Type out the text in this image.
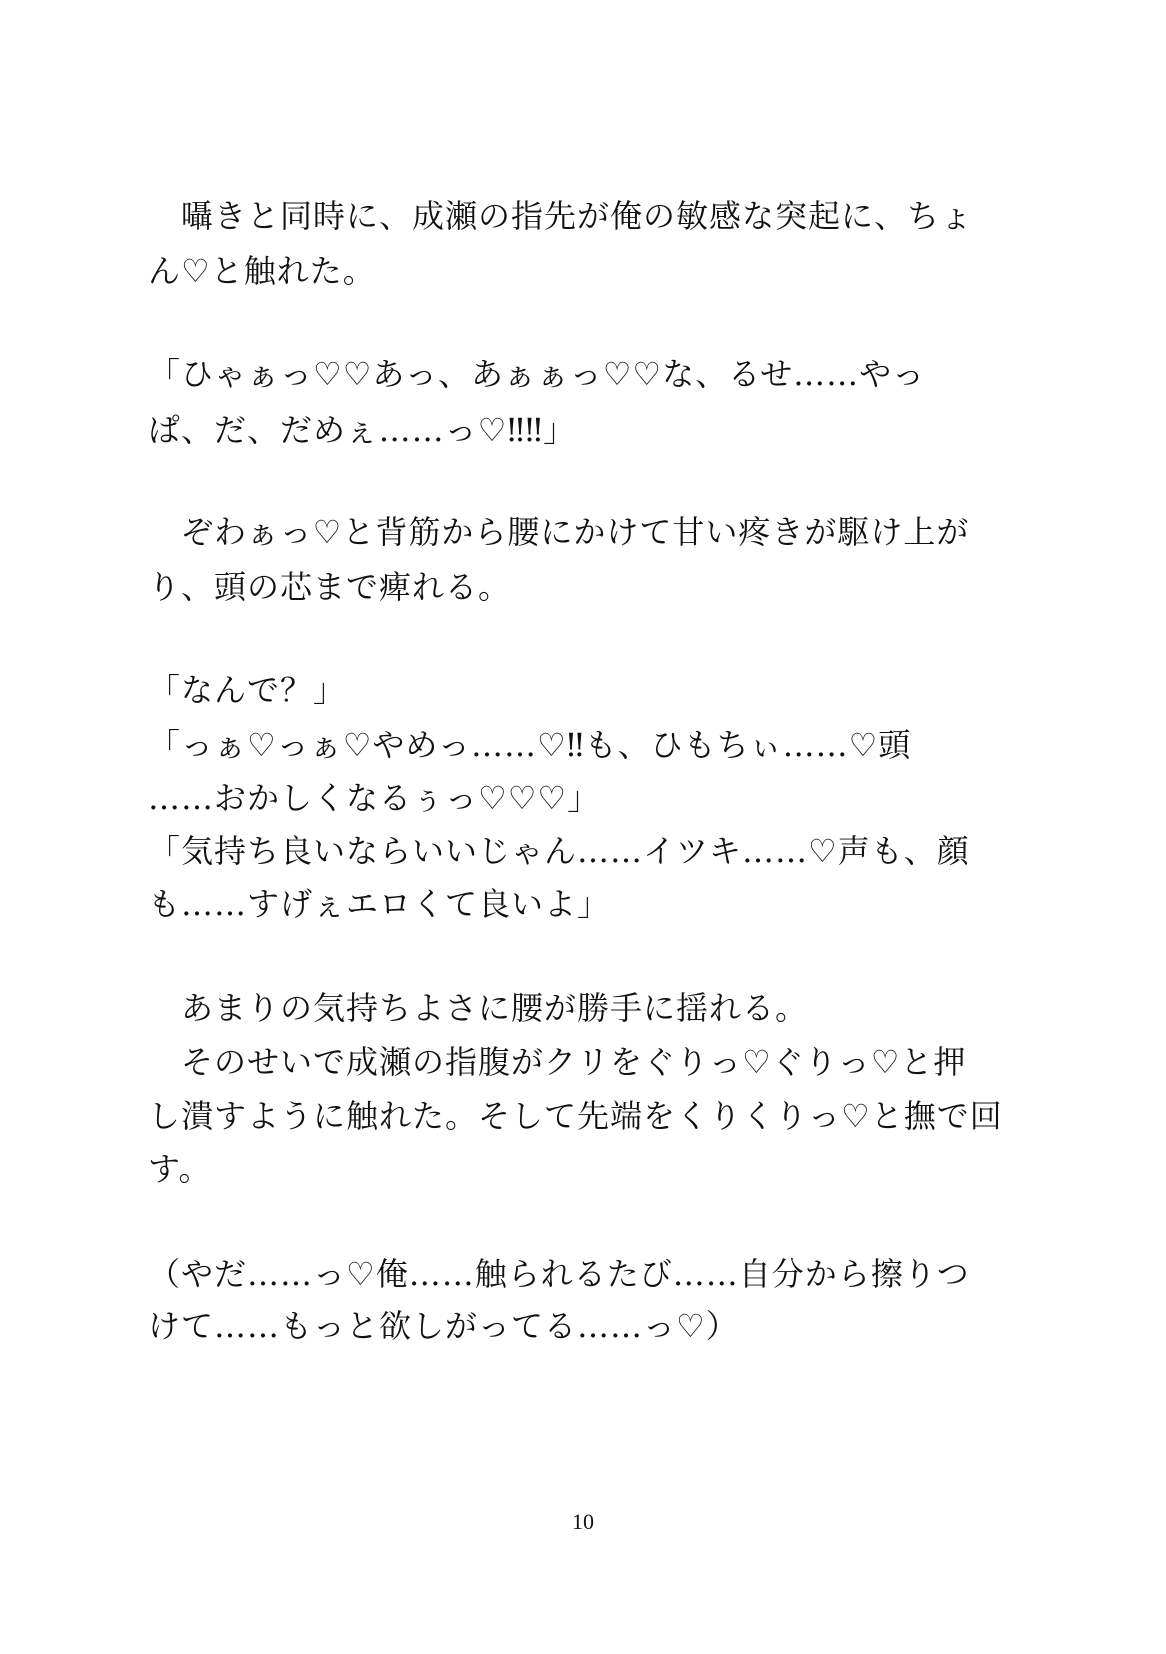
　囁きと同時に、成瀬の指先が俺の敏感な突起に、ちょ
ん♡と触れた。
「ひゃぁっ♡♡あっ、あぁぁっ♡♡な、るせ……やっ
ぱ、だ、だめぇ……っ♡‼‼」
　ぞわぁっ♡と背筋から腰にかけて甘い疼きが駆け上が
り、頭の芯まで痺れる。
「なんで？」
「っぁ♡っぁ♡やめっ……♡‼も、ひもちぃ……♡頭
……おかしくなるぅっ♡♡♡」
「気持ち良いならいいじゃん……イツキ……♡声も、顔
も……すげぇエロくて良いよ」
　あまりの気持ちよさに腰が勝手に揺れる。
　そのせいで成瀬の指腹がクリをぐりっ♡ぐりっ♡と押
し潰すように触れた。そして先端をくりくりっ♡と撫で回
す。
（やだ……っ♡俺……触られるたび……自分から擦りつ
けて……もっと欲しがってる……っ♡）
10
